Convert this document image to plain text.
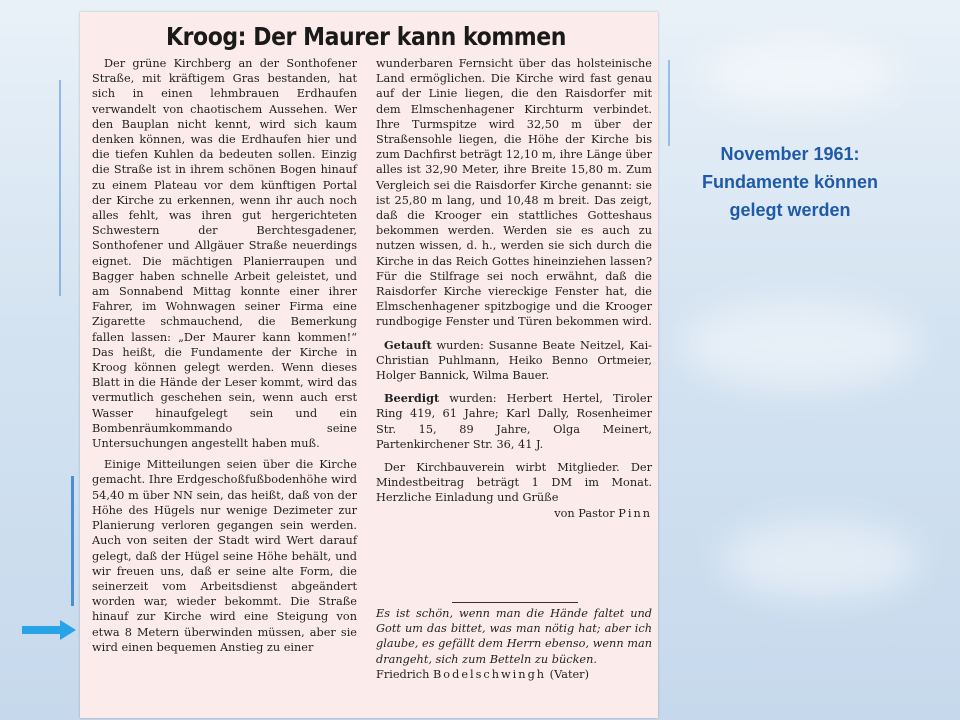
Kroog: Der Maurer kann kommen

Der grüne Kirchberg an der Sonthofener Straße, mit kräftigem Gras bestanden, hat sich in einen lehmbrauen Erdhaufen verwandelt von chaotischem Aussehen. Wer den Bauplan nicht kennt, wird sich kaum denken können, was die Erdhaufen hier und die tiefen Kuhlen da bedeuten sollen. Einzig die Straße ist in ihrem schönen Bogen hinauf zu einem Plateau vor dem künftigen Portal der Kirche zu erkennen, wenn ihr auch noch alles fehlt, was ihren gut hergerichteten Schwestern der Berchtesgadener, Sonthofener und Allgäuer Straße neuerdings eignet. Die mächtigen Planierraupen und Bagger haben schnelle Arbeit geleistet, und am Sonnabend Mittag konnte einer ihrer Fahrer, im Wohnwagen seiner Firma eine Zigarette schmauchend, die Bemerkung fallen lassen: „Der Maurer kann kommen!“ Das heißt, die Fundamente der Kirche in Kroog können gelegt werden. Wenn dieses Blatt in die Hände der Leser kommt, wird das vermutlich geschehen sein, wenn auch erst Wasser hinaufgelegt sein und ein Bombenräumkommando seine Untersuchungen angestellt haben muß.

Einige Mitteilungen seien über die Kirche gemacht. Ihre Erdgeschoßfußbodenhöhe wird 54,40 m über NN sein, das heißt, daß von der Höhe des Hügels nur wenige Dezimeter zur Planierung verloren gegangen sein werden. Auch von seiten der Stadt wird Wert darauf gelegt, daß der Hügel seine Höhe behält, und wir freuen uns, daß er seine alte Form, die seinerzeit vom Arbeitsdienst abgeändert worden war, wieder bekommt. Die Straße hinauf zur Kirche wird eine Steigung von etwa 8 Metern überwinden müssen, aber sie wird einen bequemen Anstieg zu einer

wunderbaren Fernsicht über das holsteinische Land ermöglichen. Die Kirche wird fast genau auf der Linie liegen, die den Raisdorfer mit dem Elmschenhagener Kirchturm verbindet. Ihre Turmspitze wird 32,50 m über der Straßensohle liegen, die Höhe der Kirche bis zum Dachfirst beträgt 12,10 m, ihre Länge über alles ist 32,90 Meter, ihre Breite 15,80 m. Zum Vergleich sei die Raisdorfer Kirche genannt: sie ist 25,80 m lang, und 10,48 m breit. Das zeigt, daß die Krooger ein stattliches Gotteshaus bekommen werden. Werden sie es auch zu nutzen wissen, d. h., werden sie sich durch die Kirche in das Reich Gottes hineinziehen lassen? Für die Stilfrage sei noch erwähnt, daß die Raisdorfer Kirche viereckige Fenster hat, die Elmschenhagener spitzbogige und die Krooger rundbogige Fenster und Türen bekommen wird.

Getauft wurden: Susanne Beate Neitzel, Kai-Christian Puhlmann, Heiko Benno Ortmeier, Holger Bannick, Wilma Bauer.

Beerdigt wurden: Herbert Hertel, Tiroler Ring 419, 61 Jahre; Karl Dally, Rosenheimer Str. 15, 89 Jahre, Olga Meinert, Partenkirchener Str. 36, 41 J.

Der Kirchbauverein wirbt Mitglieder. Der Mindestbeitrag beträgt 1 DM im Monat. Herzliche Einladung und Grüße

von Pastor Pinn

Es ist schön, wenn man die Hände faltet und Gott um das bittet, was man nötig hat; aber ich glaube, es gefällt dem Herrn ebenso, wenn man drangeht, sich zum Betteln zu bücken.
Friedrich Bodelschwingh (Vater)
November 1961:
Fundamente können
gelegt werden
